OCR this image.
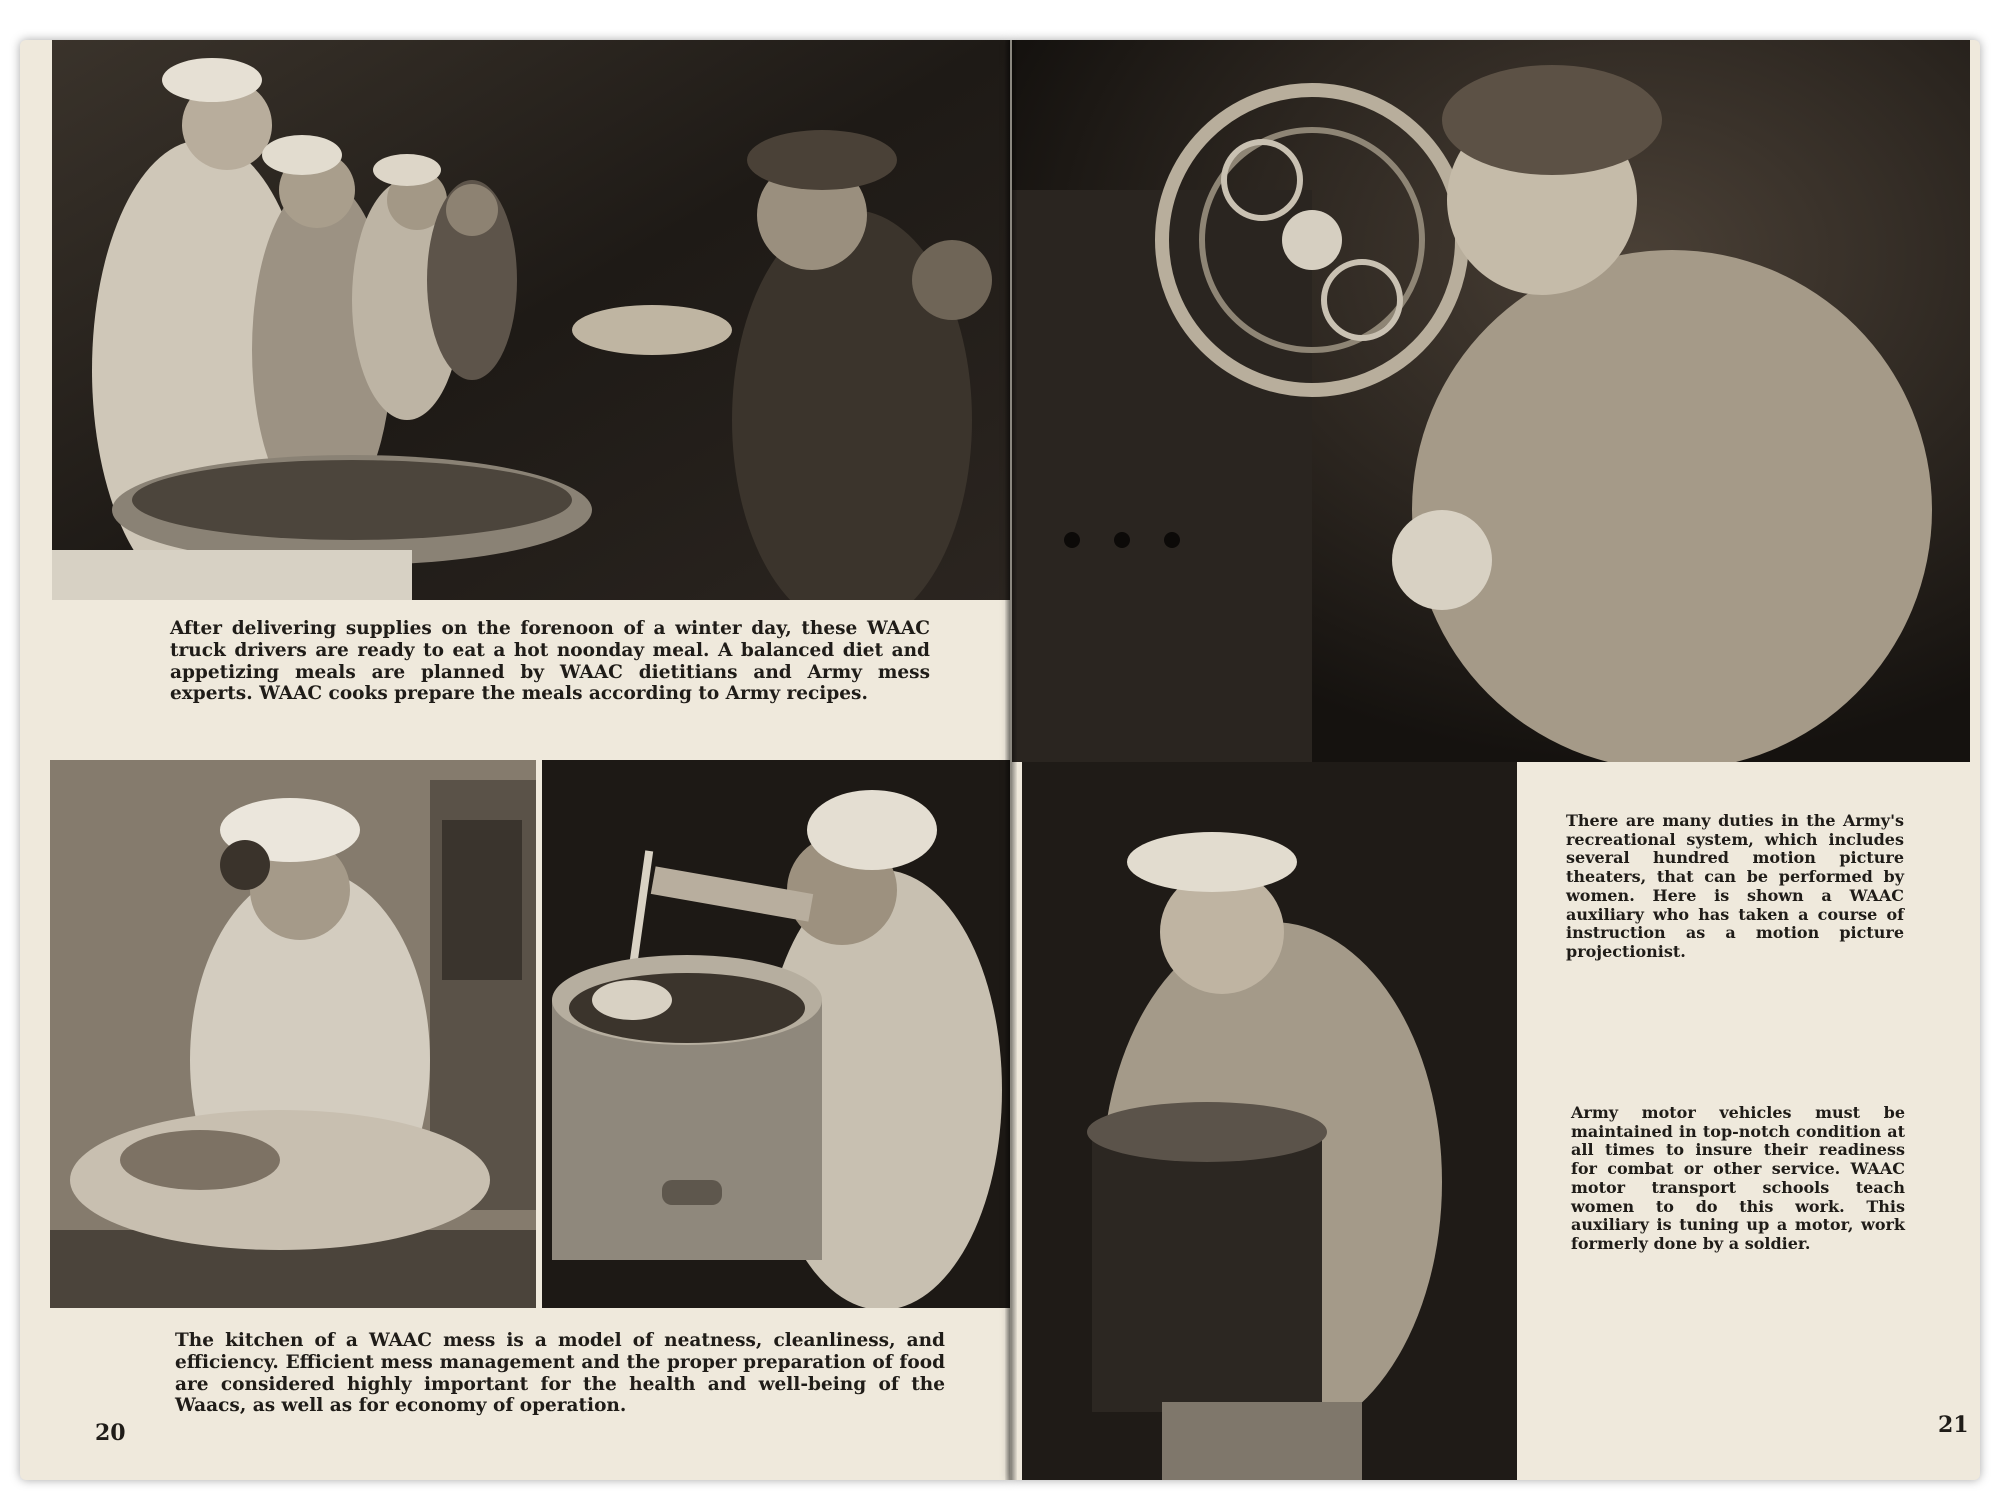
After delivering supplies on the forenoon of a winter day, these WAAC truck drivers are ready to eat a hot noonday meal. A balanced diet and appetizing meals are planned by WAAC dietitians and Army mess experts. WAAC cooks prepare the meals according to Army recipes.
The kitchen of a WAAC mess is a model of neatness, cleanliness, and efficiency. Efficient mess management and the proper preparation of food are considered highly important for the health and well-being of the Waacs, as well as for economy of operation.
20
There are many duties in the Army's recreational system, which includes several hundred motion picture theaters, that can be performed by women. Here is shown a WAAC auxiliary who has taken a course of instruction as a motion picture projectionist.
Army motor vehicles must be maintained in top-notch condition at all times to insure their readiness for combat or other service. WAAC motor transport schools teach women to do this work. This auxiliary is tuning up a motor, work formerly done by a soldier.
21
